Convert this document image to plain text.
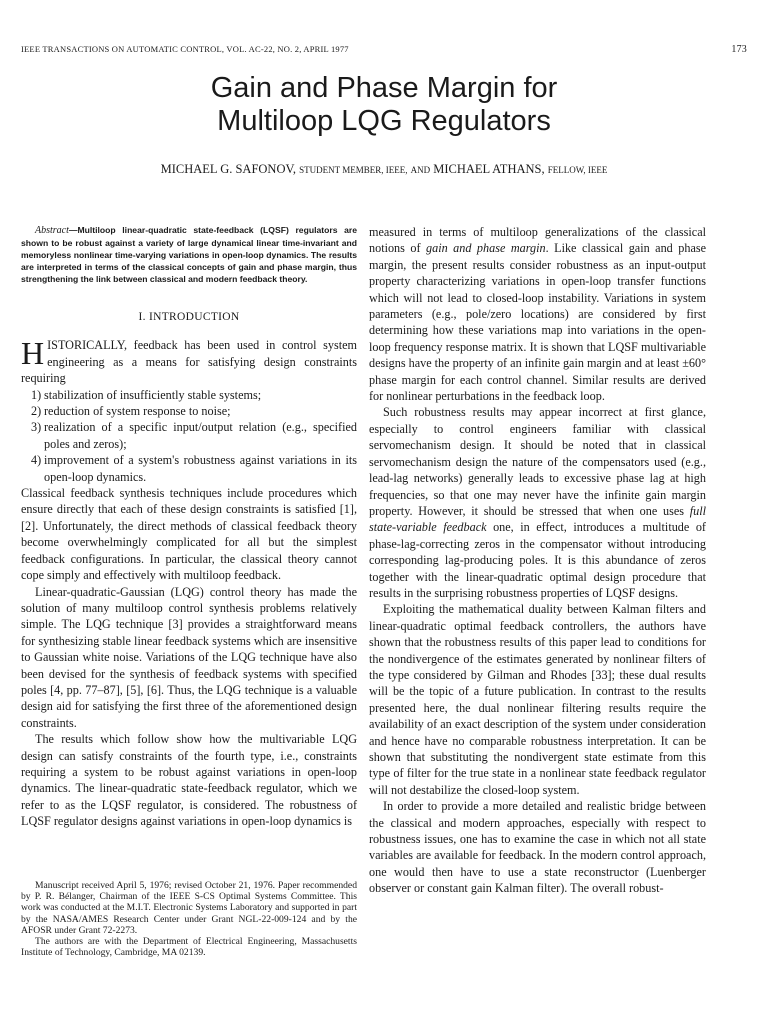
IEEE TRANSACTIONS ON AUTOMATIC CONTROL, VOL. AC-22, NO. 2, APRIL 1977	173
Gain and Phase Margin for
Multiloop LQG Regulators
MICHAEL G. SAFONOV, STUDENT MEMBER, IEEE, AND MICHAEL ATHANS, FELLOW, IEEE

Abstract—Multiloop linear-quadratic state-feedback (LQSF) regulators are shown to be robust against a variety of large dynamical linear time-invariant and memoryless nonlinear time-varying variations in open-loop dynamics. The results are interpreted in terms of the classical concepts of gain and phase margin, thus strengthening the link between classical and modern feedback theory.

I. INTRODUCTION

HISTORICALLY, feedback has been used in control system engineering as a means for satisfying design constraints requiring

1) stabilization of insufficiently stable systems;
2) reduction of system response to noise;
3) realization of a specific input/output relation (e.g., specified poles and zeros);
4) improvement of a system's robustness against variations in its open-loop dynamics.

Classical feedback synthesis techniques include procedures which ensure directly that each of these design constraints is satisfied [1], [2]. Unfortunately, the direct methods of classical feedback theory become overwhelmingly complicated for all but the simplest feedback configurations. In particular, the classical theory cannot cope simply and effectively with multiloop feedback.

Linear-quadratic-Gaussian (LQG) control theory has made the solution of many multiloop control synthesis problems relatively simple. The LQG technique [3] provides a straightforward means for synthesizing stable linear feedback systems which are insensitive to Gaussian white noise. Variations of the LQG technique have also been devised for the synthesis of feedback systems with specified poles [4, pp. 77–87], [5], [6]. Thus, the LQG technique is a valuable design aid for satisfying the first three of the aforementioned design constraints.

The results which follow show how the multivariable LQG design can satisfy constraints of the fourth type, i.e., constraints requiring a system to be robust against variations in open-loop dynamics. The linear-quadratic state-feedback regulator, which we refer to as the LQSF regulator, is considered. The robustness of LQSF regulator designs against variations in open-loop dynamics is

Manuscript received April 5, 1976; revised October 21, 1976. Paper recommended by P. R. Bélanger, Chairman of the IEEE S-CS Optimal Systems Committee. This work was conducted at the M.I.T. Electronic Systems Laboratory and supported in part by the NASA/AMES Research Center under Grant NGL-22-009-124 and by the AFOSR under Grant 72-2273.

The authors are with the Department of Electrical Engineering, Massachusetts Institute of Technology, Cambridge, MA 02139.

measured in terms of multiloop generalizations of the classical notions of gain and phase margin. Like classical gain and phase margin, the present results consider robustness as an input-output property characterizing variations in open-loop transfer functions which will not lead to closed-loop instability. Variations in system parameters (e.g., pole/zero locations) are considered by first determining how these variations map into variations in the open-loop frequency response matrix. It is shown that LQSF multivariable designs have the property of an infinite gain margin and at least ±60° phase margin for each control channel. Similar results are derived for nonlinear perturbations in the feedback loop.

Such robustness results may appear incorrect at first glance, especially to control engineers familiar with classical servomechanism design. It should be noted that in classical servomechanism design the nature of the compensators used (e.g., lead-lag networks) generally leads to excessive phase lag at high frequencies, so that one may never have the infinite gain margin property. However, it should be stressed that when one uses full state-variable feedback one, in effect, introduces a multitude of phase-lag-correcting zeros in the compensator without introducing corresponding lag-producing poles. It is this abundance of zeros together with the linear-quadratic optimal design procedure that results in the surprising robustness properties of LQSF designs.

Exploiting the mathematical duality between Kalman filters and linear-quadratic optimal feedback controllers, the authors have shown that the robustness results of this paper lead to conditions for the nondivergence of the estimates generated by nonlinear filters of the type considered by Gilman and Rhodes [33]; these dual results will be the topic of a future publication. In contrast to the results presented here, the dual nonlinear filtering results require the availability of an exact description of the system under consideration and hence have no comparable robustness interpretation. It can be shown that substituting the nondivergent state estimate from this type of filter for the true state in a nonlinear state feedback regulator will not destabilize the closed-loop system.

In order to provide a more detailed and realistic bridge between the classical and modern approaches, especially with respect to robustness issues, one has to examine the case in which not all state variables are available for feedback. In the modern control approach, one would then have to use a state reconstructor (Luenberger observer or constant gain Kalman filter). The overall robust-
